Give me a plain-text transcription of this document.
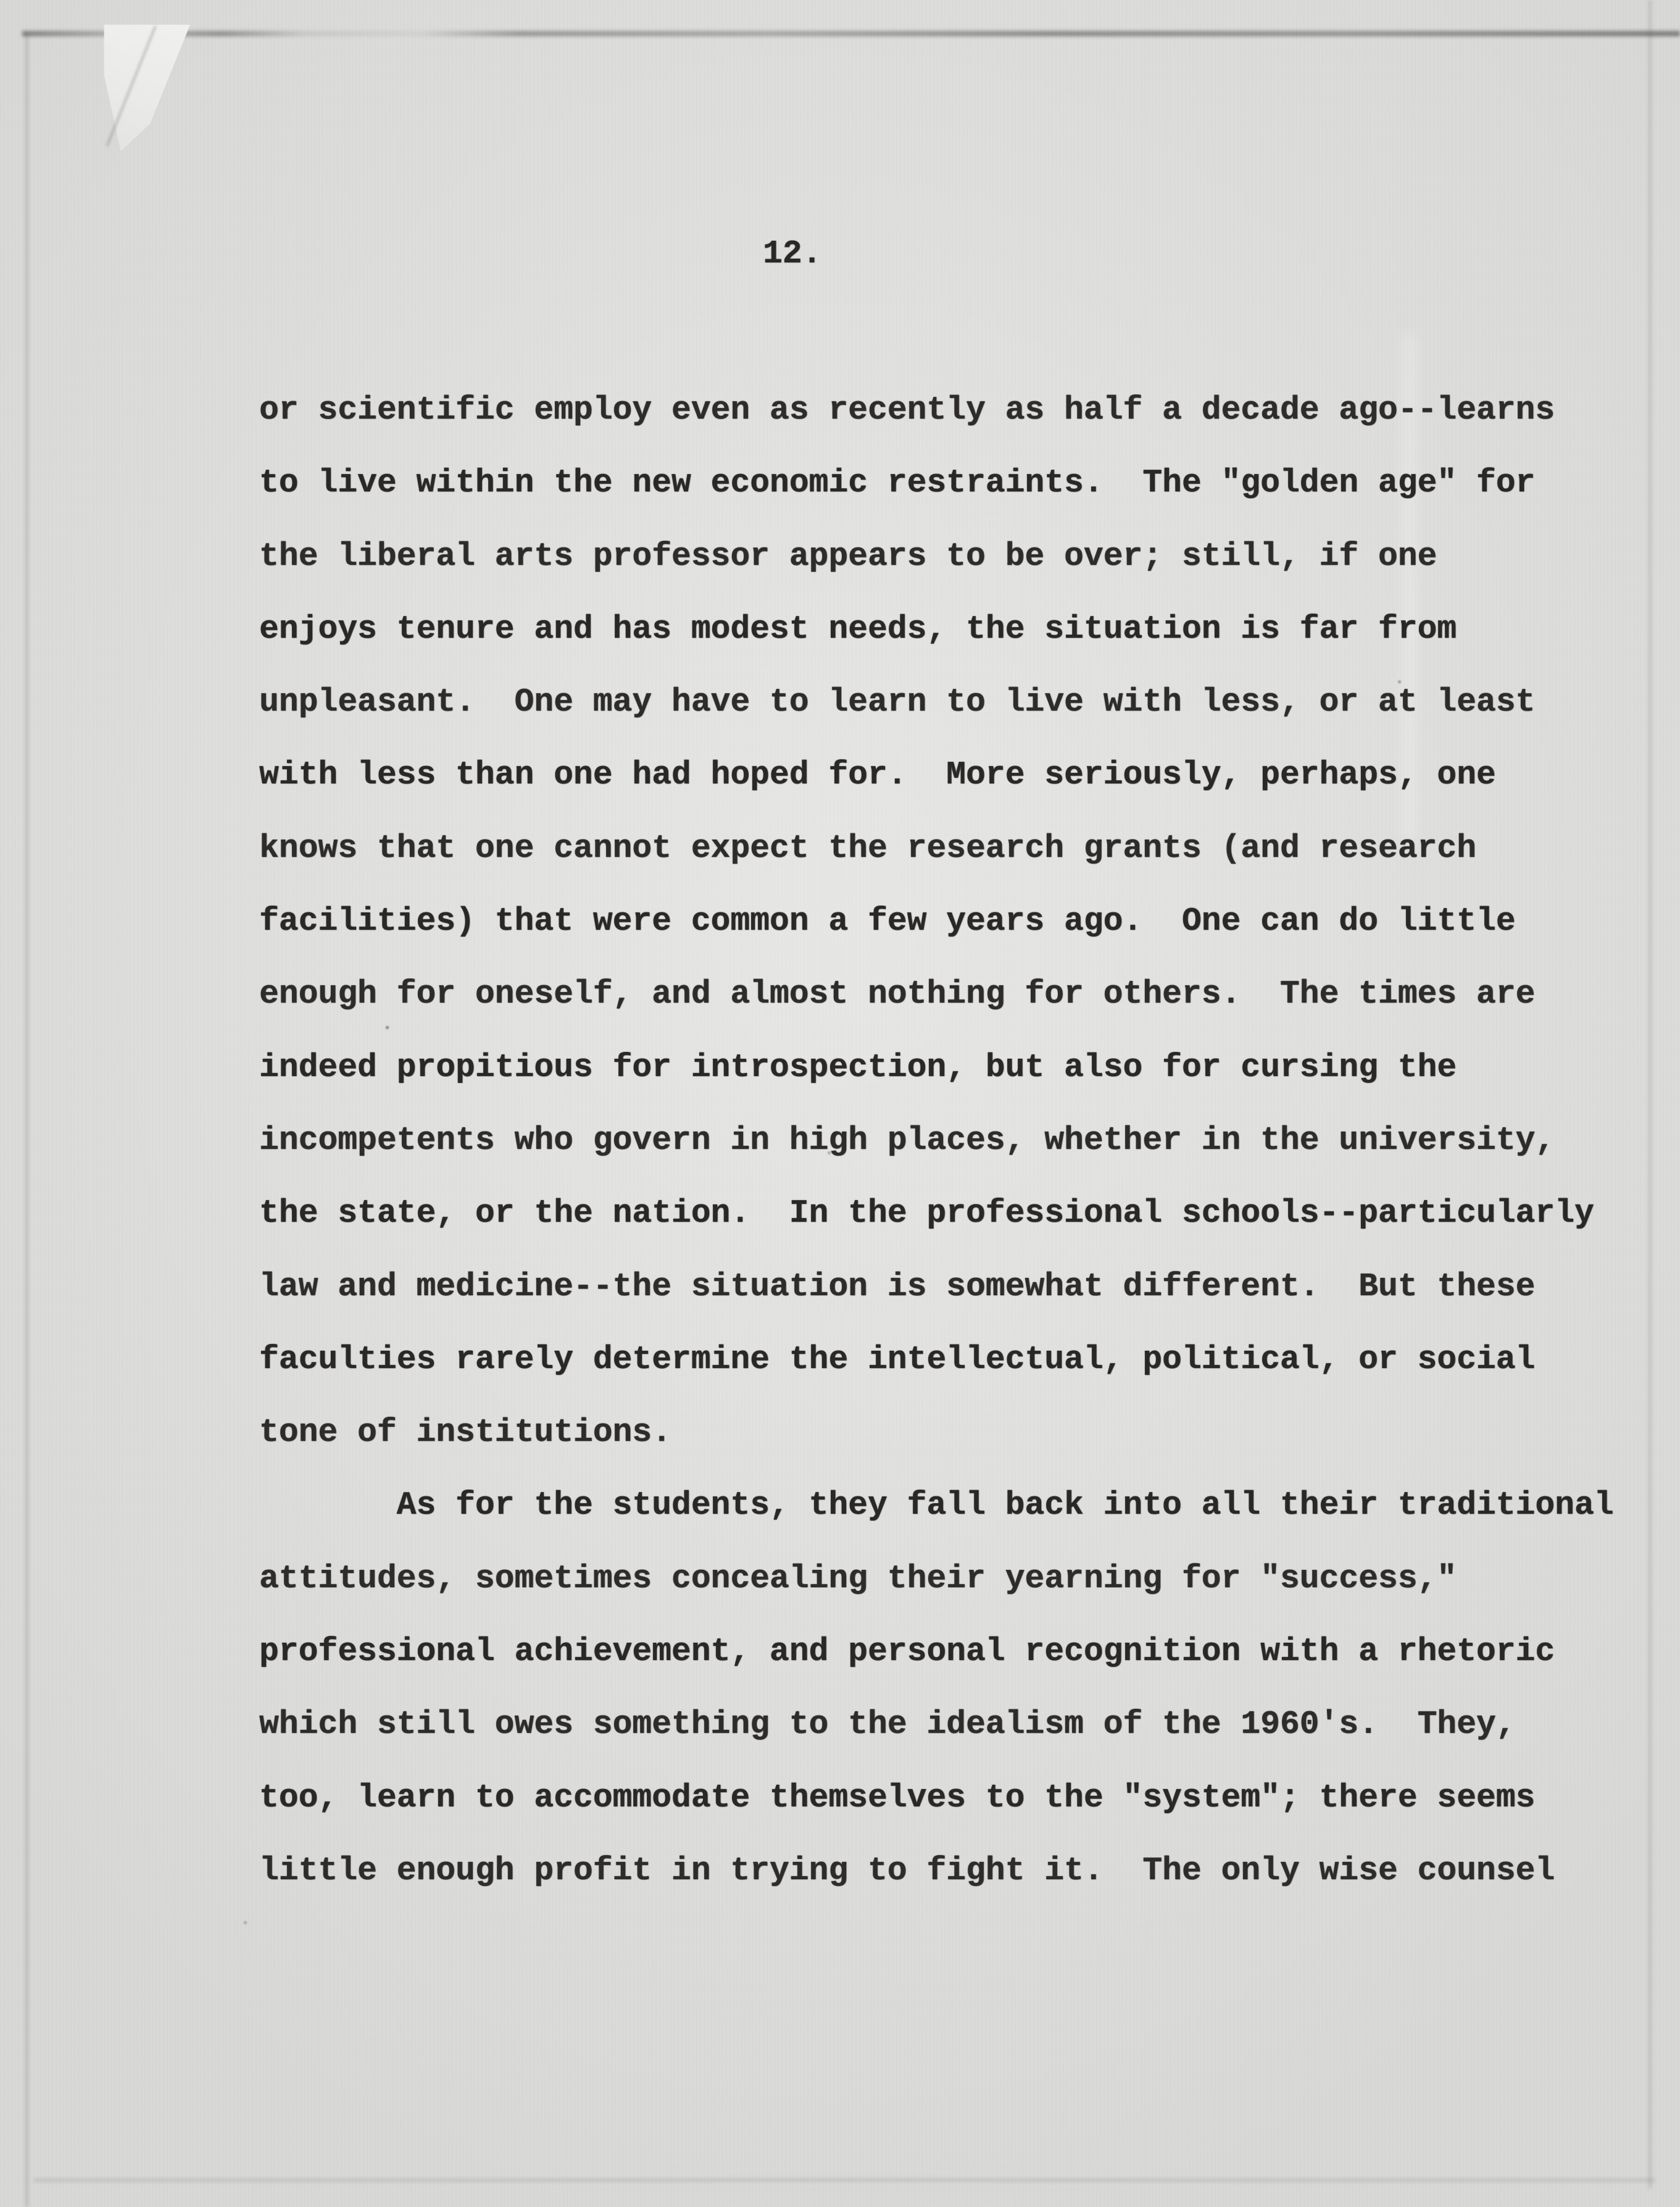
12.
or scientific employ even as recently as half a decade ago--learns
to live within the new economic restraints.  The "golden age" for
the liberal arts professor appears to be over; still, if one
enjoys tenure and has modest needs, the situation is far from
unpleasant.  One may have to learn to live with less, or at least
with less than one had hoped for.  More seriously, perhaps, one
knows that one cannot expect the research grants (and research
facilities) that were common a few years ago.  One can do little
enough for oneself, and almost nothing for others.  The times are
indeed propitious for introspection, but also for cursing the
incompetents who govern in high places, whether in the university,
the state, or the nation.  In the professional schools--particularly
law and medicine--the situation is somewhat different.  But these
faculties rarely determine the intellectual, political, or social
tone of institutions.
As for the students, they fall back into all their traditional
attitudes, sometimes concealing their yearning for "success,"
professional achievement, and personal recognition with a rhetoric
which still owes something to the idealism of the 1960's.  They,
too, learn to accommodate themselves to the "system"; there seems
little enough profit in trying to fight it.  The only wise counsel
